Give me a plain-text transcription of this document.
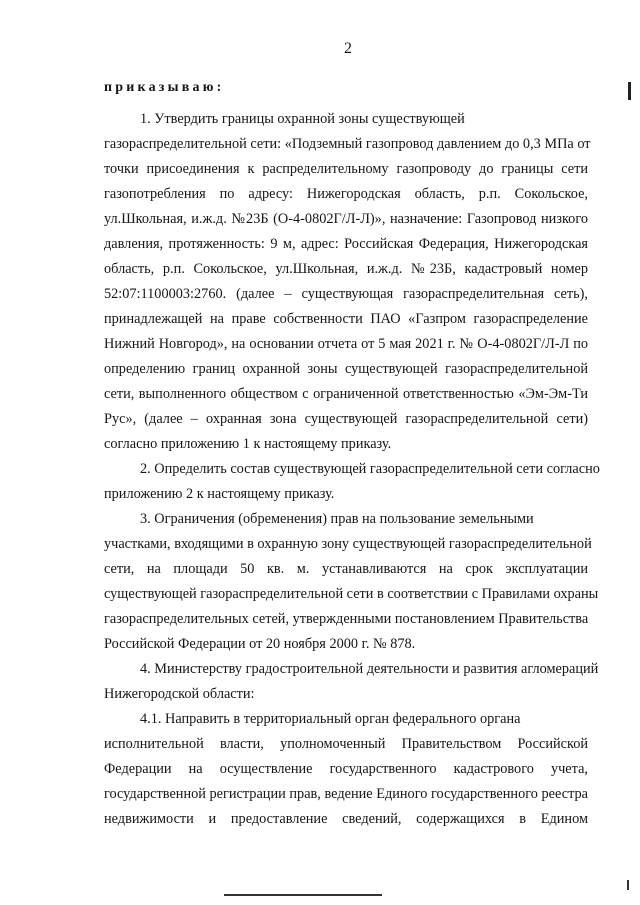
2
приказываю:
1. Утвердить границы охранной зоны существующей
газораспределительной сети: «Подземный газопровод давлением до 0,3 МПа от
точки присоединения к распределительному газопроводу до границы сети
газопотребления по адресу: Нижегородская область, р.п. Сокольское,
ул.Школьная, и.ж.д. №23Б (О-4-0802Г/Л-Л)», назначение: Газопровод низкого
давления, протяженность: 9 м, адрес: Российская Федерация, Нижегородская
область, р.п. Сокольское, ул.Школьная, и.ж.д. №23Б, кадастровый номер
52:07:1100003:2760. (далее – существующая газораспределительная сеть),
принадлежащей на праве собственности ПАО «Газпром газораспределение
Нижний Новгород», на основании отчета от 5 мая 2021 г. № О-4-0802Г/Л-Л по
определению границ охранной зоны существующей газораспределительной
сети, выполненного обществом с ограниченной ответственностью «Эм-Эм-Ти
Рус», (далее – охранная зона существующей газораспределительной сети)
согласно приложению 1 к настоящему приказу.
2. Определить состав существующей газораспределительной сети согласно
приложению 2 к настоящему приказу.
3. Ограничения (обременения) прав на пользование земельными
участками, входящими в охранную зону существующей газораспределительной
сети, на площади 50 кв. м. устанавливаются на срок эксплуатации
существующей газораспределительной сети в соответствии с Правилами охраны
газораспределительных сетей, утвержденными постановлением Правительства
Российской Федерации от 20 ноября 2000 г. № 878.
4. Министерству градостроительной деятельности и развития агломераций
Нижегородской области:
4.1. Направить в территориальный орган федерального органа
исполнительной власти, уполномоченный Правительством Российской
Федерации на осуществление государственного кадастрового учета,
государственной регистрации прав, ведение Единого государственного реестра
недвижимости и предоставление сведений, содержащихся в Едином
